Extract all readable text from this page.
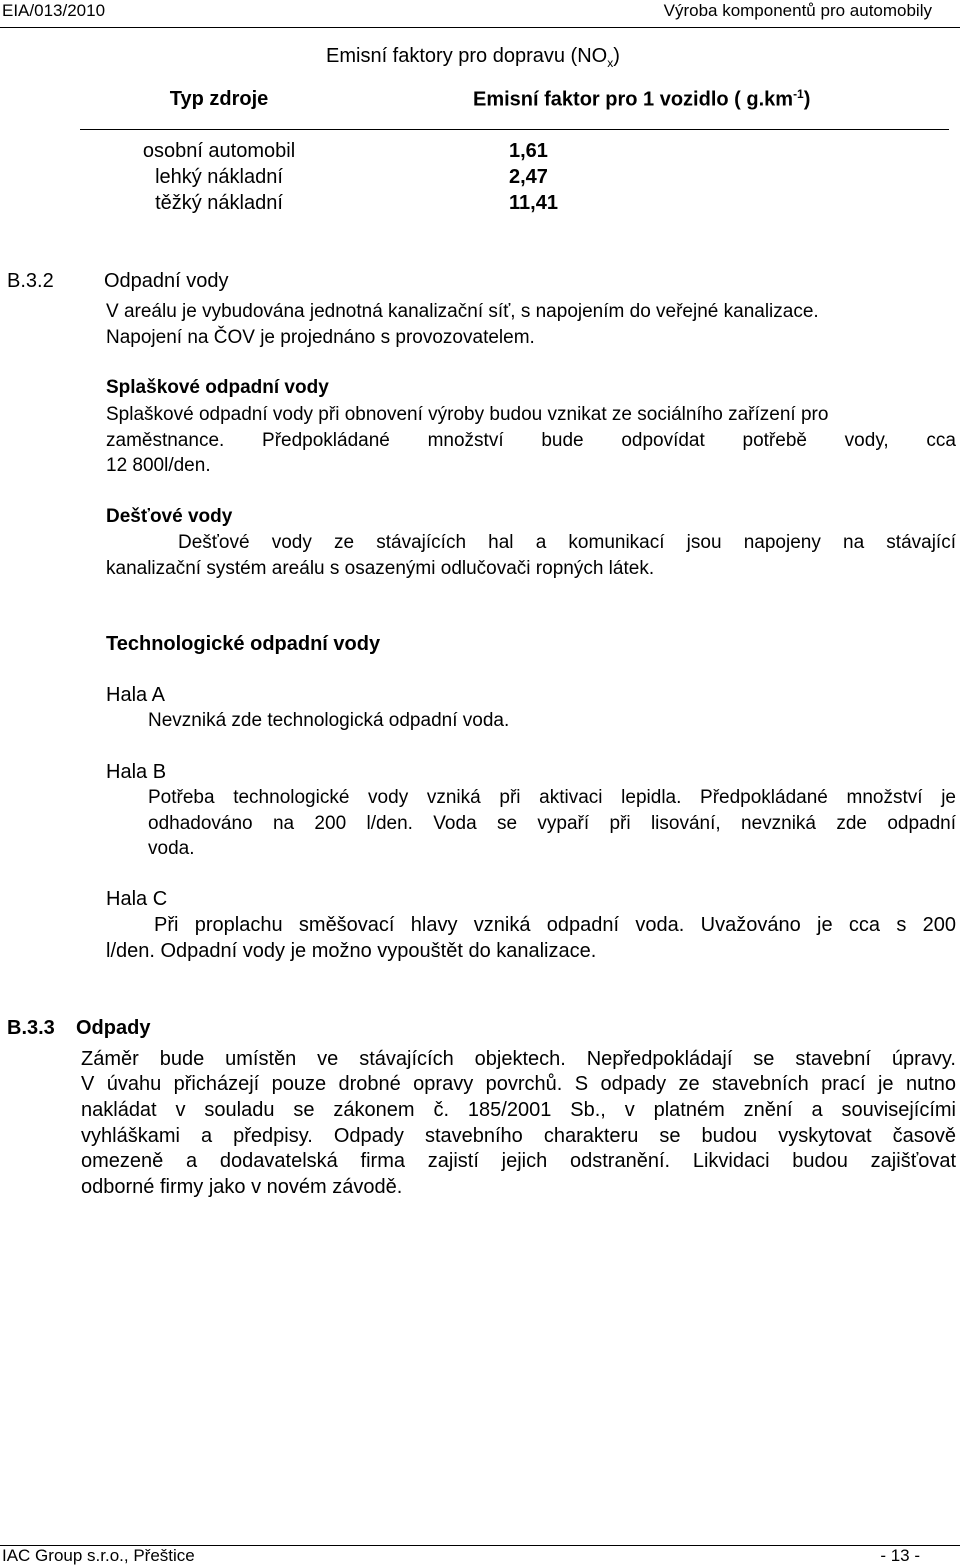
EIA/013/2010	Výroba komponentů pro automobily
Emisní faktory pro dopravu $(NO_x)$
Typ zdroje	Emisní faktor pro 1 vozidlo ( $g.km^{-1}$)
osobní automobil	1,61
lehký nákladní	2,47
těžký nákladní	11,41
B.3.2	Odpadní vody
V areálu je vybudována jednotná kanalizační síť, s napojením do veřejné kanalizace.
Napojení na ČOV je projednáno s provozovatelem.
Splaškové odpadní vody
Splaškové odpadní vody při obnovení výroby budou vznikat ze sociálního zařízení pro
zaměstnance. Předpokládané množství bude odpovídat potřebě vody, cca
12 800l/den.
Dešťové vody
Dešťové vody ze stávajících hal a komunikací jsou napojeny na stávající
kanalizační systém areálu s osazenými odlučovači ropných látek.
Technologické odpadní vody
Hala A
Nevzniká zde technologická odpadní voda.
Hala B
Potřeba technologické vody vzniká při aktivaci lepidla. Předpokládané množství je
odhadováno na 200 l/den. Voda se vypaří při lisování, nevzniká zde odpadní
voda.
Hala C
Při proplachu směšovací hlavy vzniká odpadní voda. Uvažováno je cca s 200
l/den. Odpadní vody je možno vypouštět do kanalizace.
B.3.3 Odpady
Záměr bude umístěn ve stávajících objektech. Nepředpokládají se stavební úpravy.
V úvahu přicházejí pouze drobné opravy povrchů. S odpady ze stavebních prací je nutno
nakládat v souladu se zákonem č. 185/2001 Sb., v platném znění a souvisejícími
vyhláškami a předpisy. Odpady stavebního charakteru se budou vyskytovat časově
omezeně a dodavatelská firma zajistí jejich odstranění. Likvidaci budou zajišťovat
odborné firmy jako v novém závodě.
IAC Group s.r.o., Přeštice	- 13 -
